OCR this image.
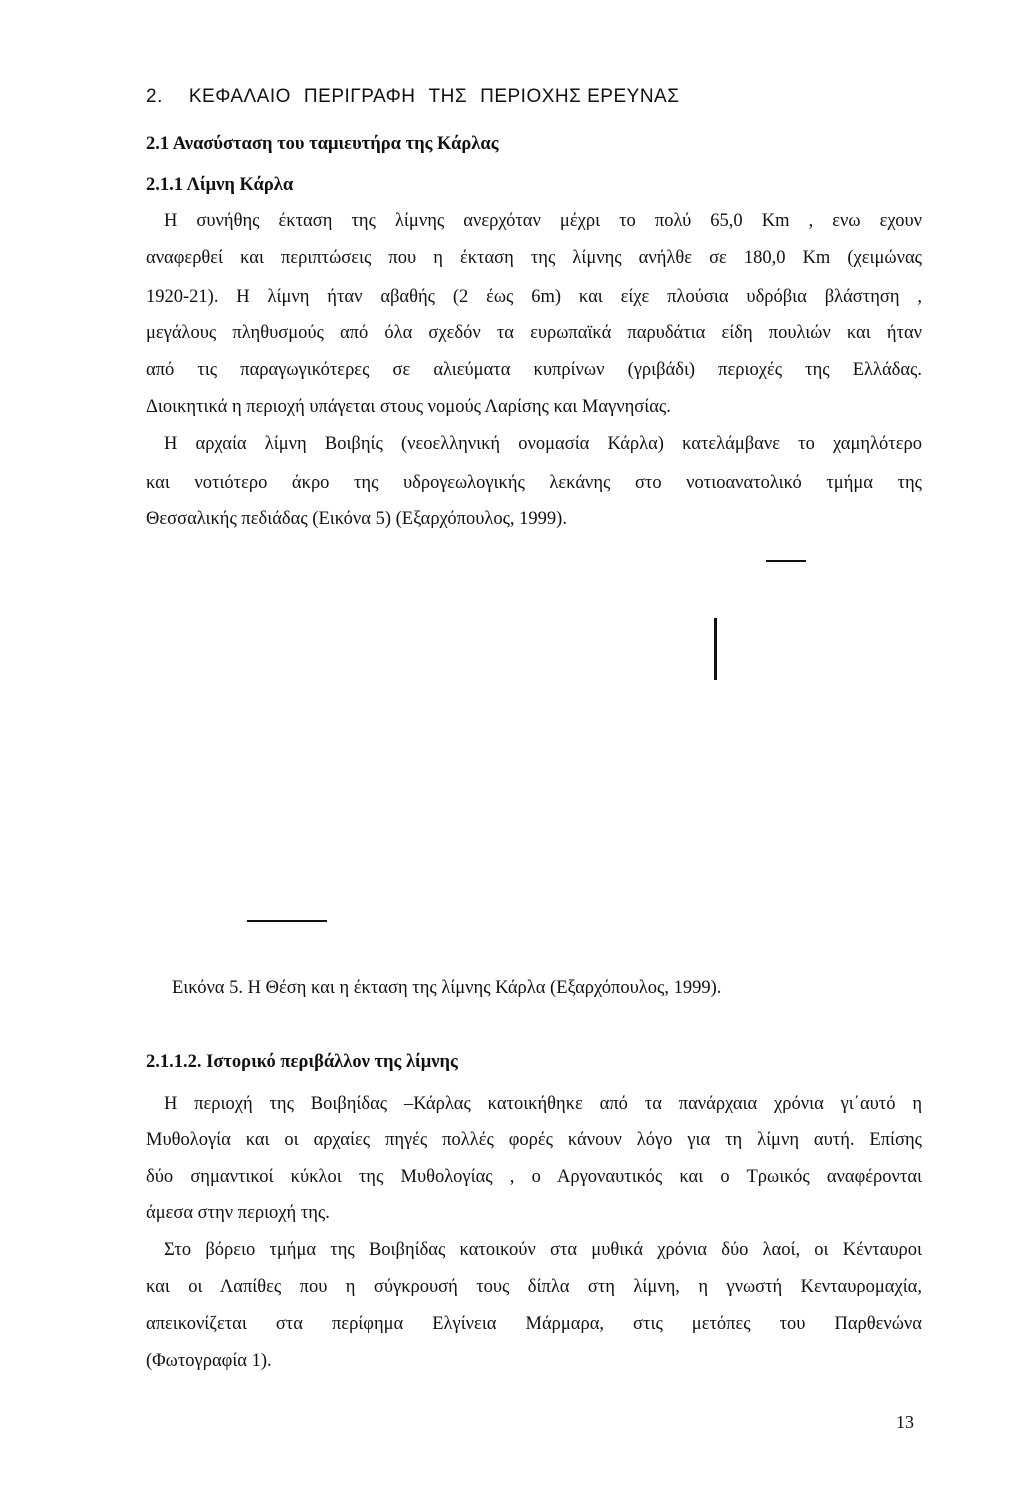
2. ΚΕΦΑΛΑΙΟ ΠΕΡΙΓΡΑΦΗ ΤΗΣ ΠΕΡΙΟΧΗΣ ΕΡΕΥΝΑΣ
2.1 Ανασύσταση του ταμιευτήρα της Κάρλας
2.1.1 Λίμνη Κάρλα
Η συνήθης έκταση της λίμνης ανερχόταν μέχρι το πολύ 65,0 Km , ενω εχουν
αναφερθεί και περιπτώσεις που η έκταση της λίμνης ανήλθε σε 180,0 Km (χειμώνας
1920-21). Η λίμνη ήταν αβαθής (2 έως 6m) και είχε πλούσια υδρόβια βλάστηση ,
μεγάλους πληθυσμούς από όλα σχεδόν τα ευρωπαϊκά παρυδάτια είδη πουλιών και ήταν
από τις παραγωγικότερες σε αλιεύματα κυπρίνων (γριβάδι) περιοχές της Ελλάδας.
Διοικητικά η περιοχή υπάγεται στους νομούς Λαρίσης και Μαγνησίας.
Η αρχαία λίμνη Βοιβηίς (νεοελληνική ονομασία Κάρλα) κατελάμβανε το χαμηλότερο
και νοτιότερο άκρο της υδρογεωλογικής λεκάνης στο νοτιοανατολικό τμήμα της
Θεσσαλικής πεδιάδας (Εικόνα 5) (Εξαρχόπουλος, 1999).
Εικόνα 5. Η Θέση και η έκταση της λίμνης Κάρλα (Εξαρχόπουλος, 1999).
2.1.1.2. Ιστορικό περιβάλλον της λίμνης
Η περιοχή της Βοιβηίδας –Κάρλας κατοικήθηκε από τα πανάρχαια χρόνια γι΄αυτό η
Μυθολογία και οι αρχαίες πηγές πολλές φορές κάνουν λόγο για τη λίμνη αυτή. Επίσης
δύο σημαντικοί κύκλοι της Μυθολογίας , ο Αργοναυτικός και ο Τρωικός αναφέρονται
άμεσα στην περιοχή της.
Στο βόρειο τμήμα της Βοιβηίδας κατοικούν στα μυθικά χρόνια δύο λαοί, οι Κένταυροι
και οι Λαπίθες που η σύγκρουσή τους δίπλα στη λίμνη, η γνωστή Κενταυρομαχία,
απεικονίζεται στα περίφημα Ελγίνεια Μάρμαρα, στις μετόπες του Παρθενώνα
(Φωτογραφία 1).
13
